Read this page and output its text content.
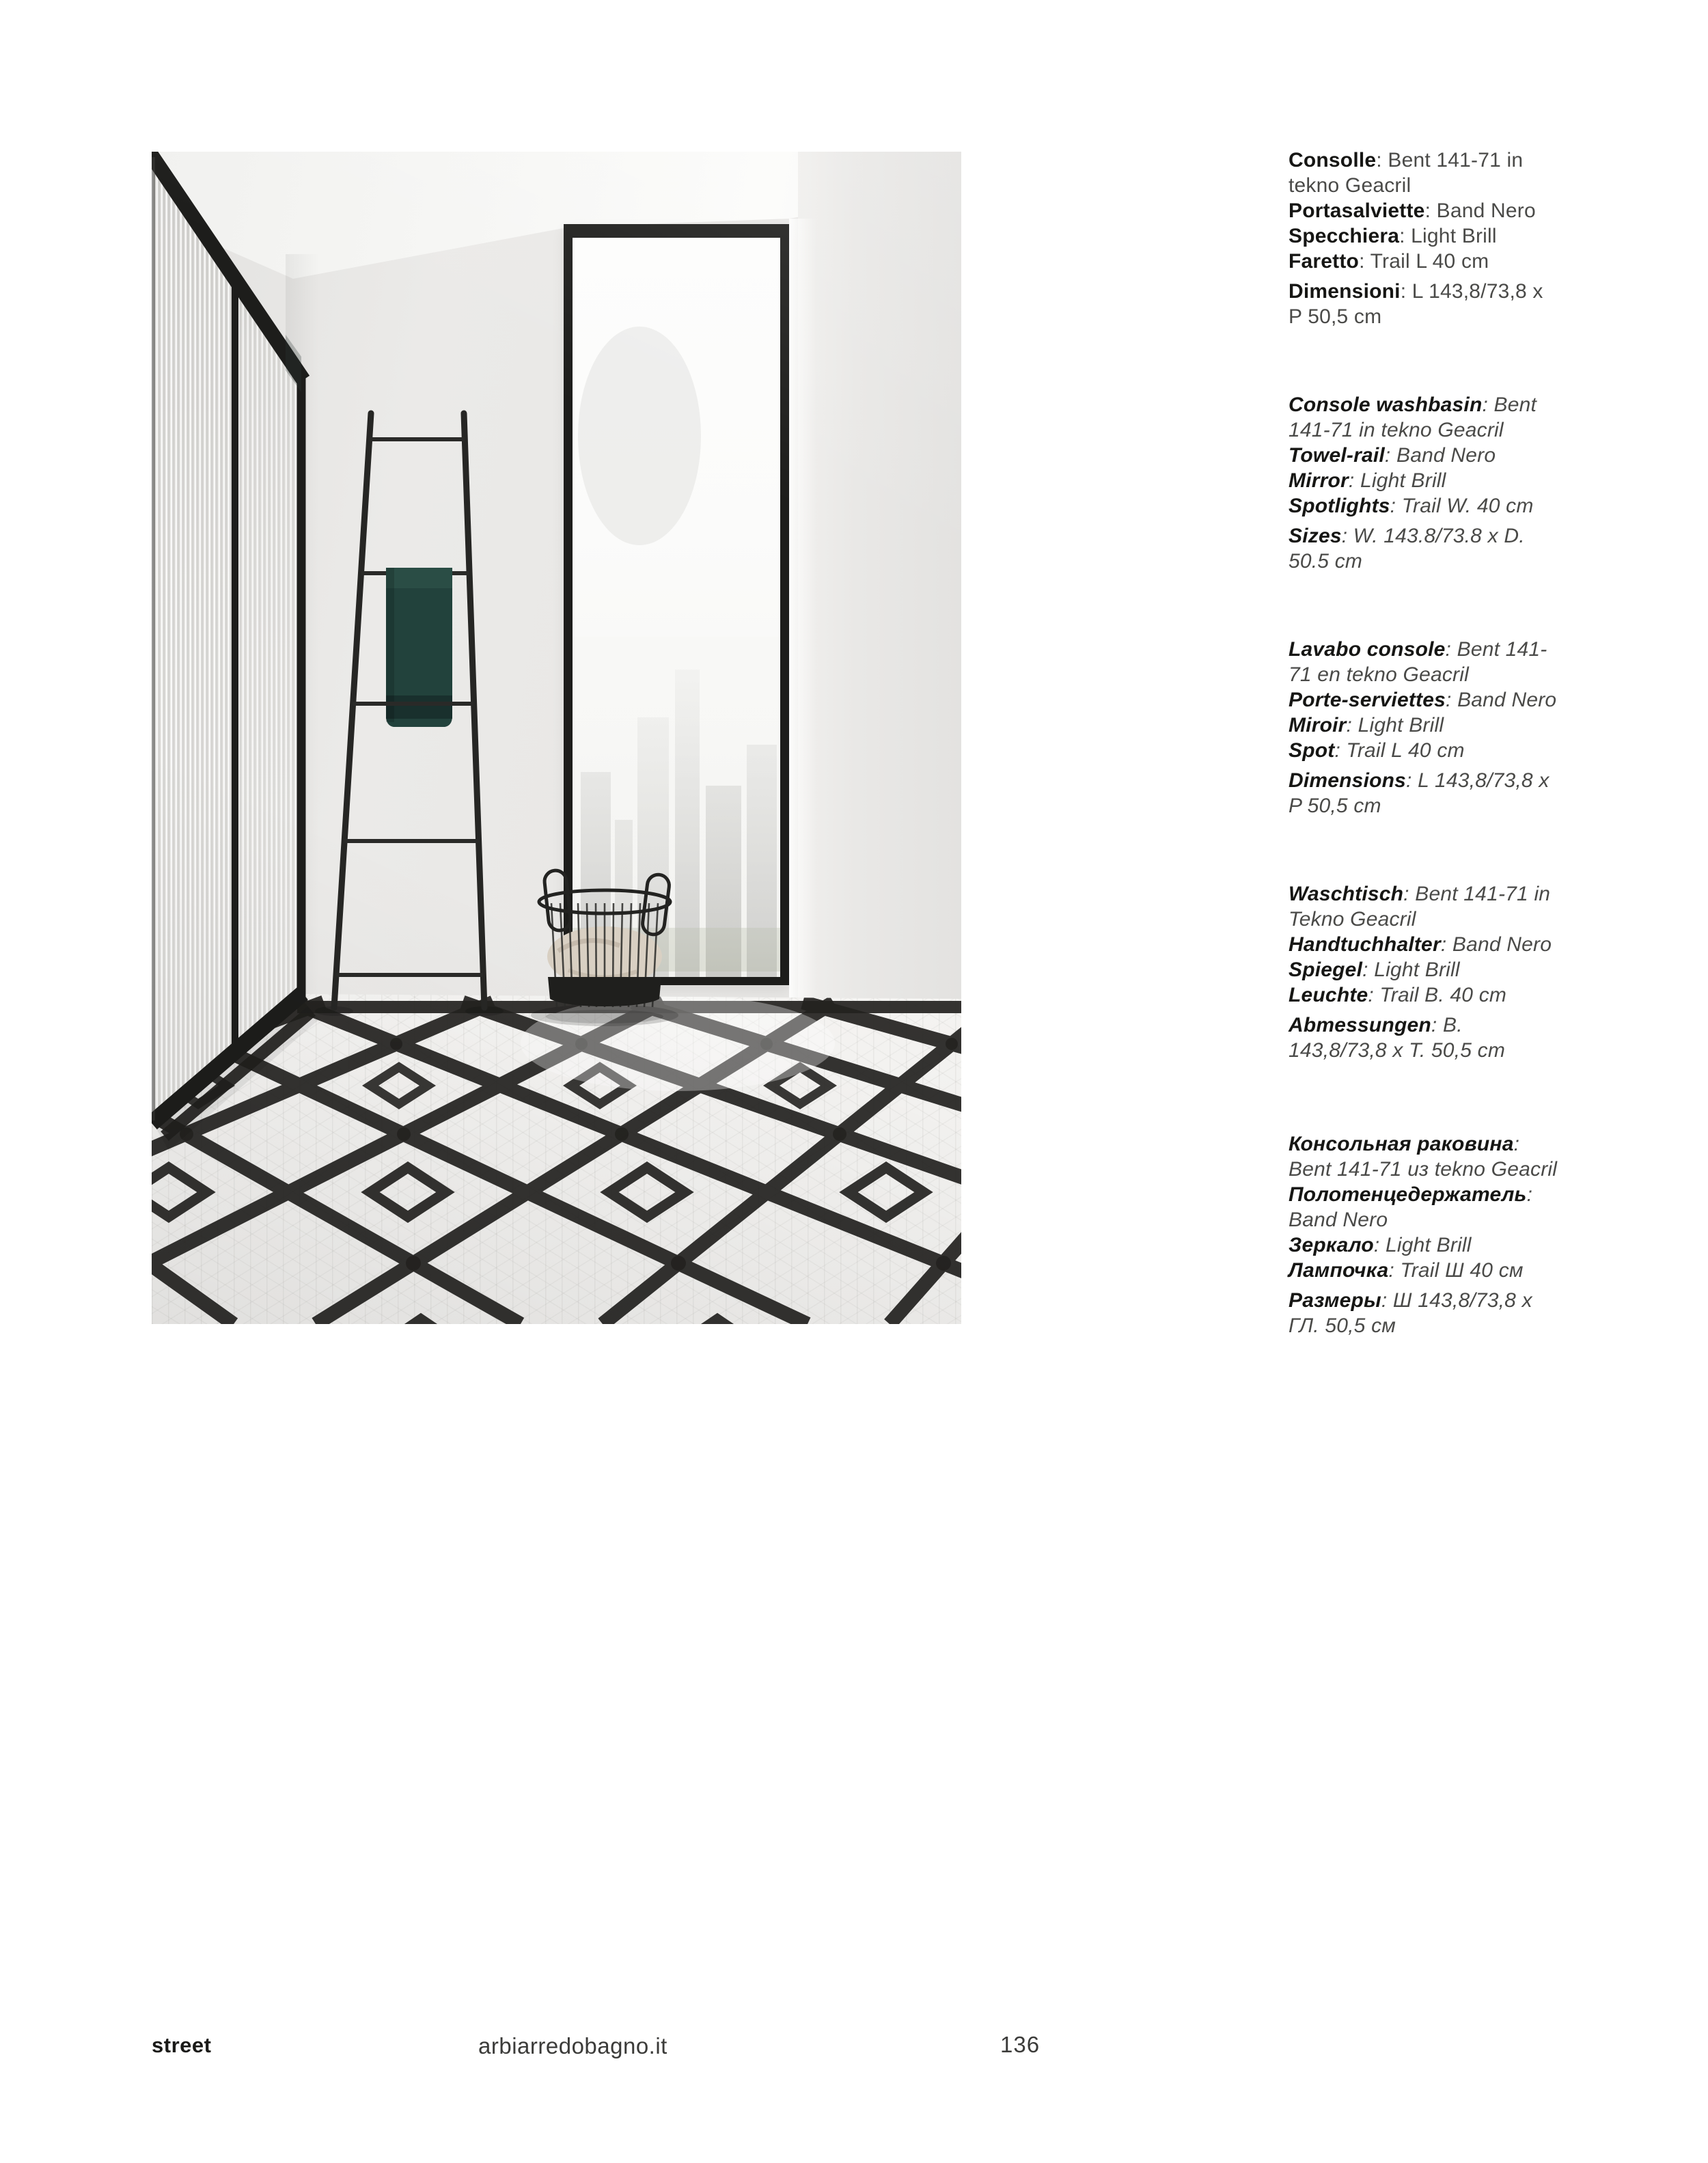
Consolle : Bent 141-71 in tekno Geacril

Portasalviette : Band Nero

Specchiera : Light Brill

Faretto : Trail L 40 cm

Dimensioni : L 143,8/73,8 x P 50,5 cm

Console washbasin : Bent 141-71 in tekno Geacril

Towel-rail : Band Nero

Mirror : Light Brill

Spotlights : Trail W. 40 cm

Sizes : W. 143.8/73.8 x D. 50.5 cm

Lavabo console : Bent 141-71 en tekno Geacril

Porte-serviettes : Band Nero

Miroir : Light Brill

Spot : Trail L 40 cm

Dimensions : L 143,8/73,8 x P 50,5 cm

Waschtisch : Bent 141-71 in Tekno Geacril

Handtuchhalter : Band Nero

Spiegel : Light Brill

Leuchte : Trail B. 40 cm

Abmessungen : B. 143,8/73,8 x T. 50,5 cm

Консольная раковина: Bent 141-71 из tekno Geacril

Полотенцедержатель: Band Nero

Зеркало : Light Brill

Лампочка : Trail Ш 40 см

Размеры : Ш 143,8/73,8 x ГЛ. 50,5 см

street	arbiarredobagno.it	136
